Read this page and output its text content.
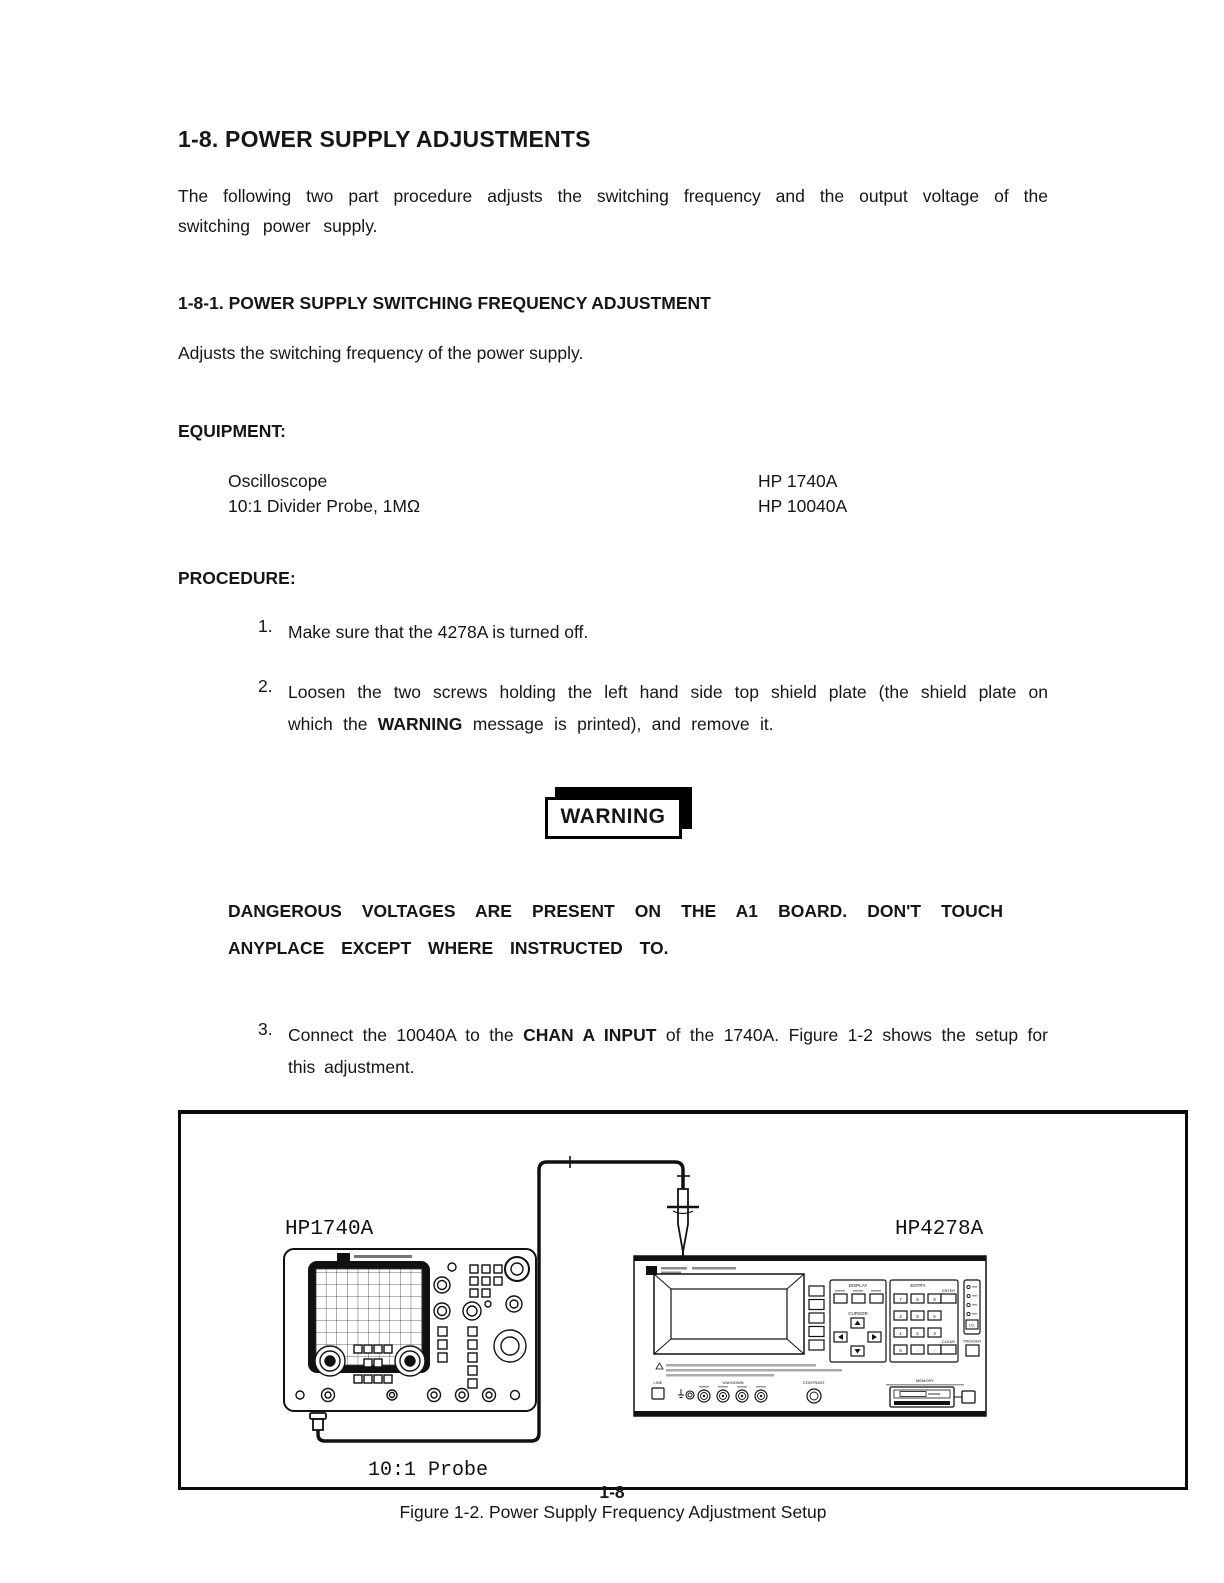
1-8. POWER SUPPLY ADJUSTMENTS

The following two part procedure adjusts the switching frequency and the output voltage of the switching power supply.

1-8-1. POWER SUPPLY SWITCHING FREQUENCY ADJUSTMENT

Adjusts the switching frequency of the power supply.

EQUIPMENT:
Oscilloscope	HP 1740A
10:1 Divider Probe, 1MΩ	HP 10040A
PROCEDURE:
1. Make sure that the 4278A is turned off.

2. Loosen the two screws holding the left hand side top shield plate (the shield plate on which the WARNING message is printed), and remove it.

WARNING

DANGEROUS VOLTAGES ARE PRESENT ON THE A1 BOARD. DON'T TOUCH ANYPLACE EXCEPT WHERE INSTRUCTED TO.

3. Connect the 10040A to the CHAN A INPUT of the 1740A. Figure 1-2 shows the setup for this adjustment.

HP1740A	HP4278A
10:1 Probe
DISPLAY
CURSOR
ENTRY
7	8	9
4	5	6
1	2	3
0	.	-
ENTER
CLEAR
LCL
TRIGGER
LINE	UNKNOWN	CONTRAST	MEMORY

Figure 1-2. Power Supply Frequency Adjustment Setup

1-8
